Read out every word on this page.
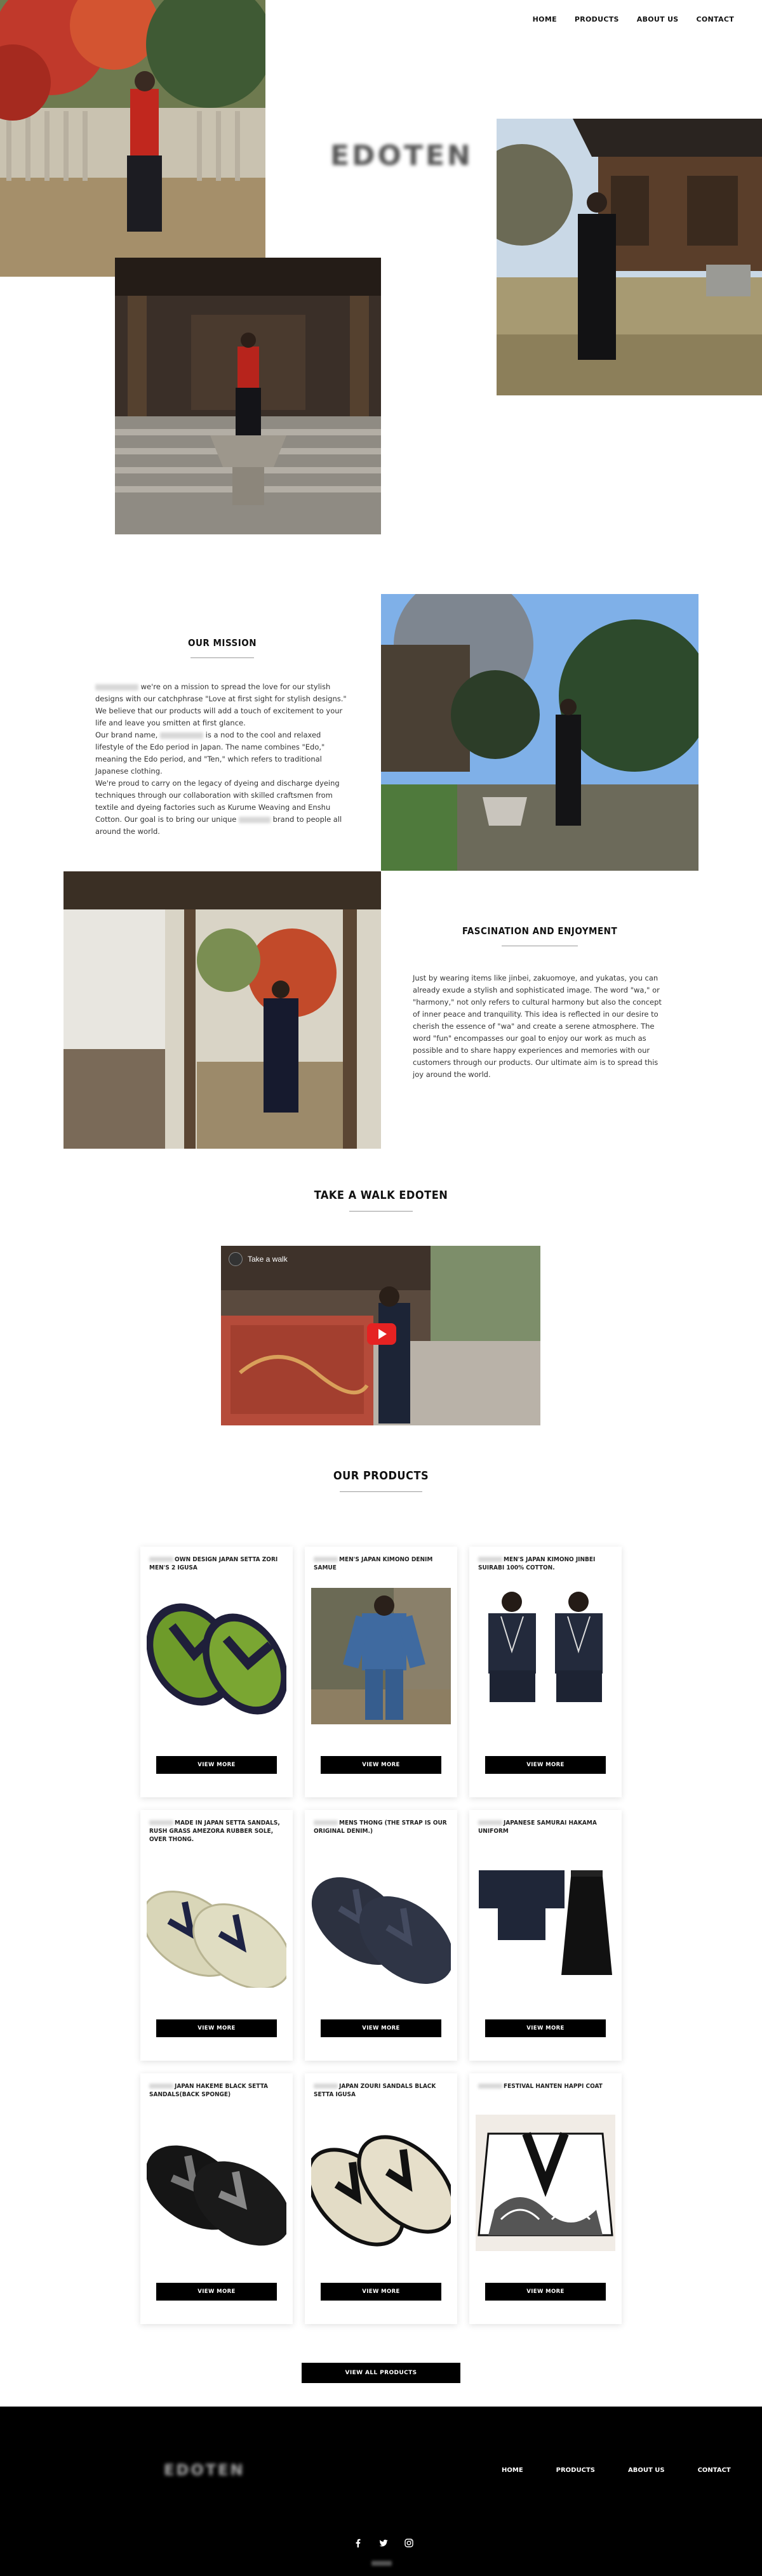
HOME	PRODUCTS	ABOUT US	CONTACT
EDOTEN
OUR MISSION
we're on a mission to spread the love for our stylish designs with our catchphrase "Love at first sight for stylish designs." We believe that our products will add a touch of excitement to your life and leave you smitten at first glance.
Our brand name,	is a nod to the cool and relaxed lifestyle of the Edo period in Japan. The name combines "Edo," meaning the Edo period, and "Ten," which refers to traditional Japanese clothing.
We're proud to carry on the legacy of dyeing and discharge dyeing techniques through our collaboration with skilled craftsmen from textile and dyeing factories such as Kurume Weaving and Enshu Cotton. Our goal is to bring our unique	brand to people all around the world.
FASCINATION AND ENJOYMENT
Just by wearing items like jinbei, zakuomoye, and yukatas, you can already exude a stylish and sophisticated image. The word "wa," or "harmony," not only refers to cultural harmony but also the concept of inner peace and tranquility. This idea is reflected in our desire to cherish the essence of "wa" and create a serene atmosphere. The word "fun" encompasses our goal to enjoy our work as much as possible and to share happy experiences and memories with our customers through our products. Our ultimate aim is to spread this joy around the world.
TAKE A WALK EDOTEN
Take a walk
OUR PRODUCTS
OWN DESIGN JAPAN SETTA ZORI MEN'S 2 IGUSA
VIEW MORE
MEN'S JAPAN KIMONO DENIM SAMUE
VIEW MORE
MEN'S JAPAN KIMONO JINBEI SUIRABI 100% COTTON.
VIEW MORE
MADE IN JAPAN SETTA SANDALS, RUSH GRASS AMEZORA RUBBER SOLE, OVER THONG.
VIEW MORE
MENS THONG (THE STRAP IS OUR ORIGINAL DENIM.)
VIEW MORE
JAPANESE SAMURAI HAKAMA UNIFORM
VIEW MORE
JAPAN HAKEME BLACK SETTA SANDALS(BACK SPONGE)
VIEW MORE
JAPAN ZOURI SANDALS BLACK SETTA IGUSA
VIEW MORE
FESTIVAL HANTEN HAPPI COAT
VIEW MORE
VIEW ALL PRODUCTS
EDOTEN	HOME	PRODUCTS	ABOUT US	CONTACT
